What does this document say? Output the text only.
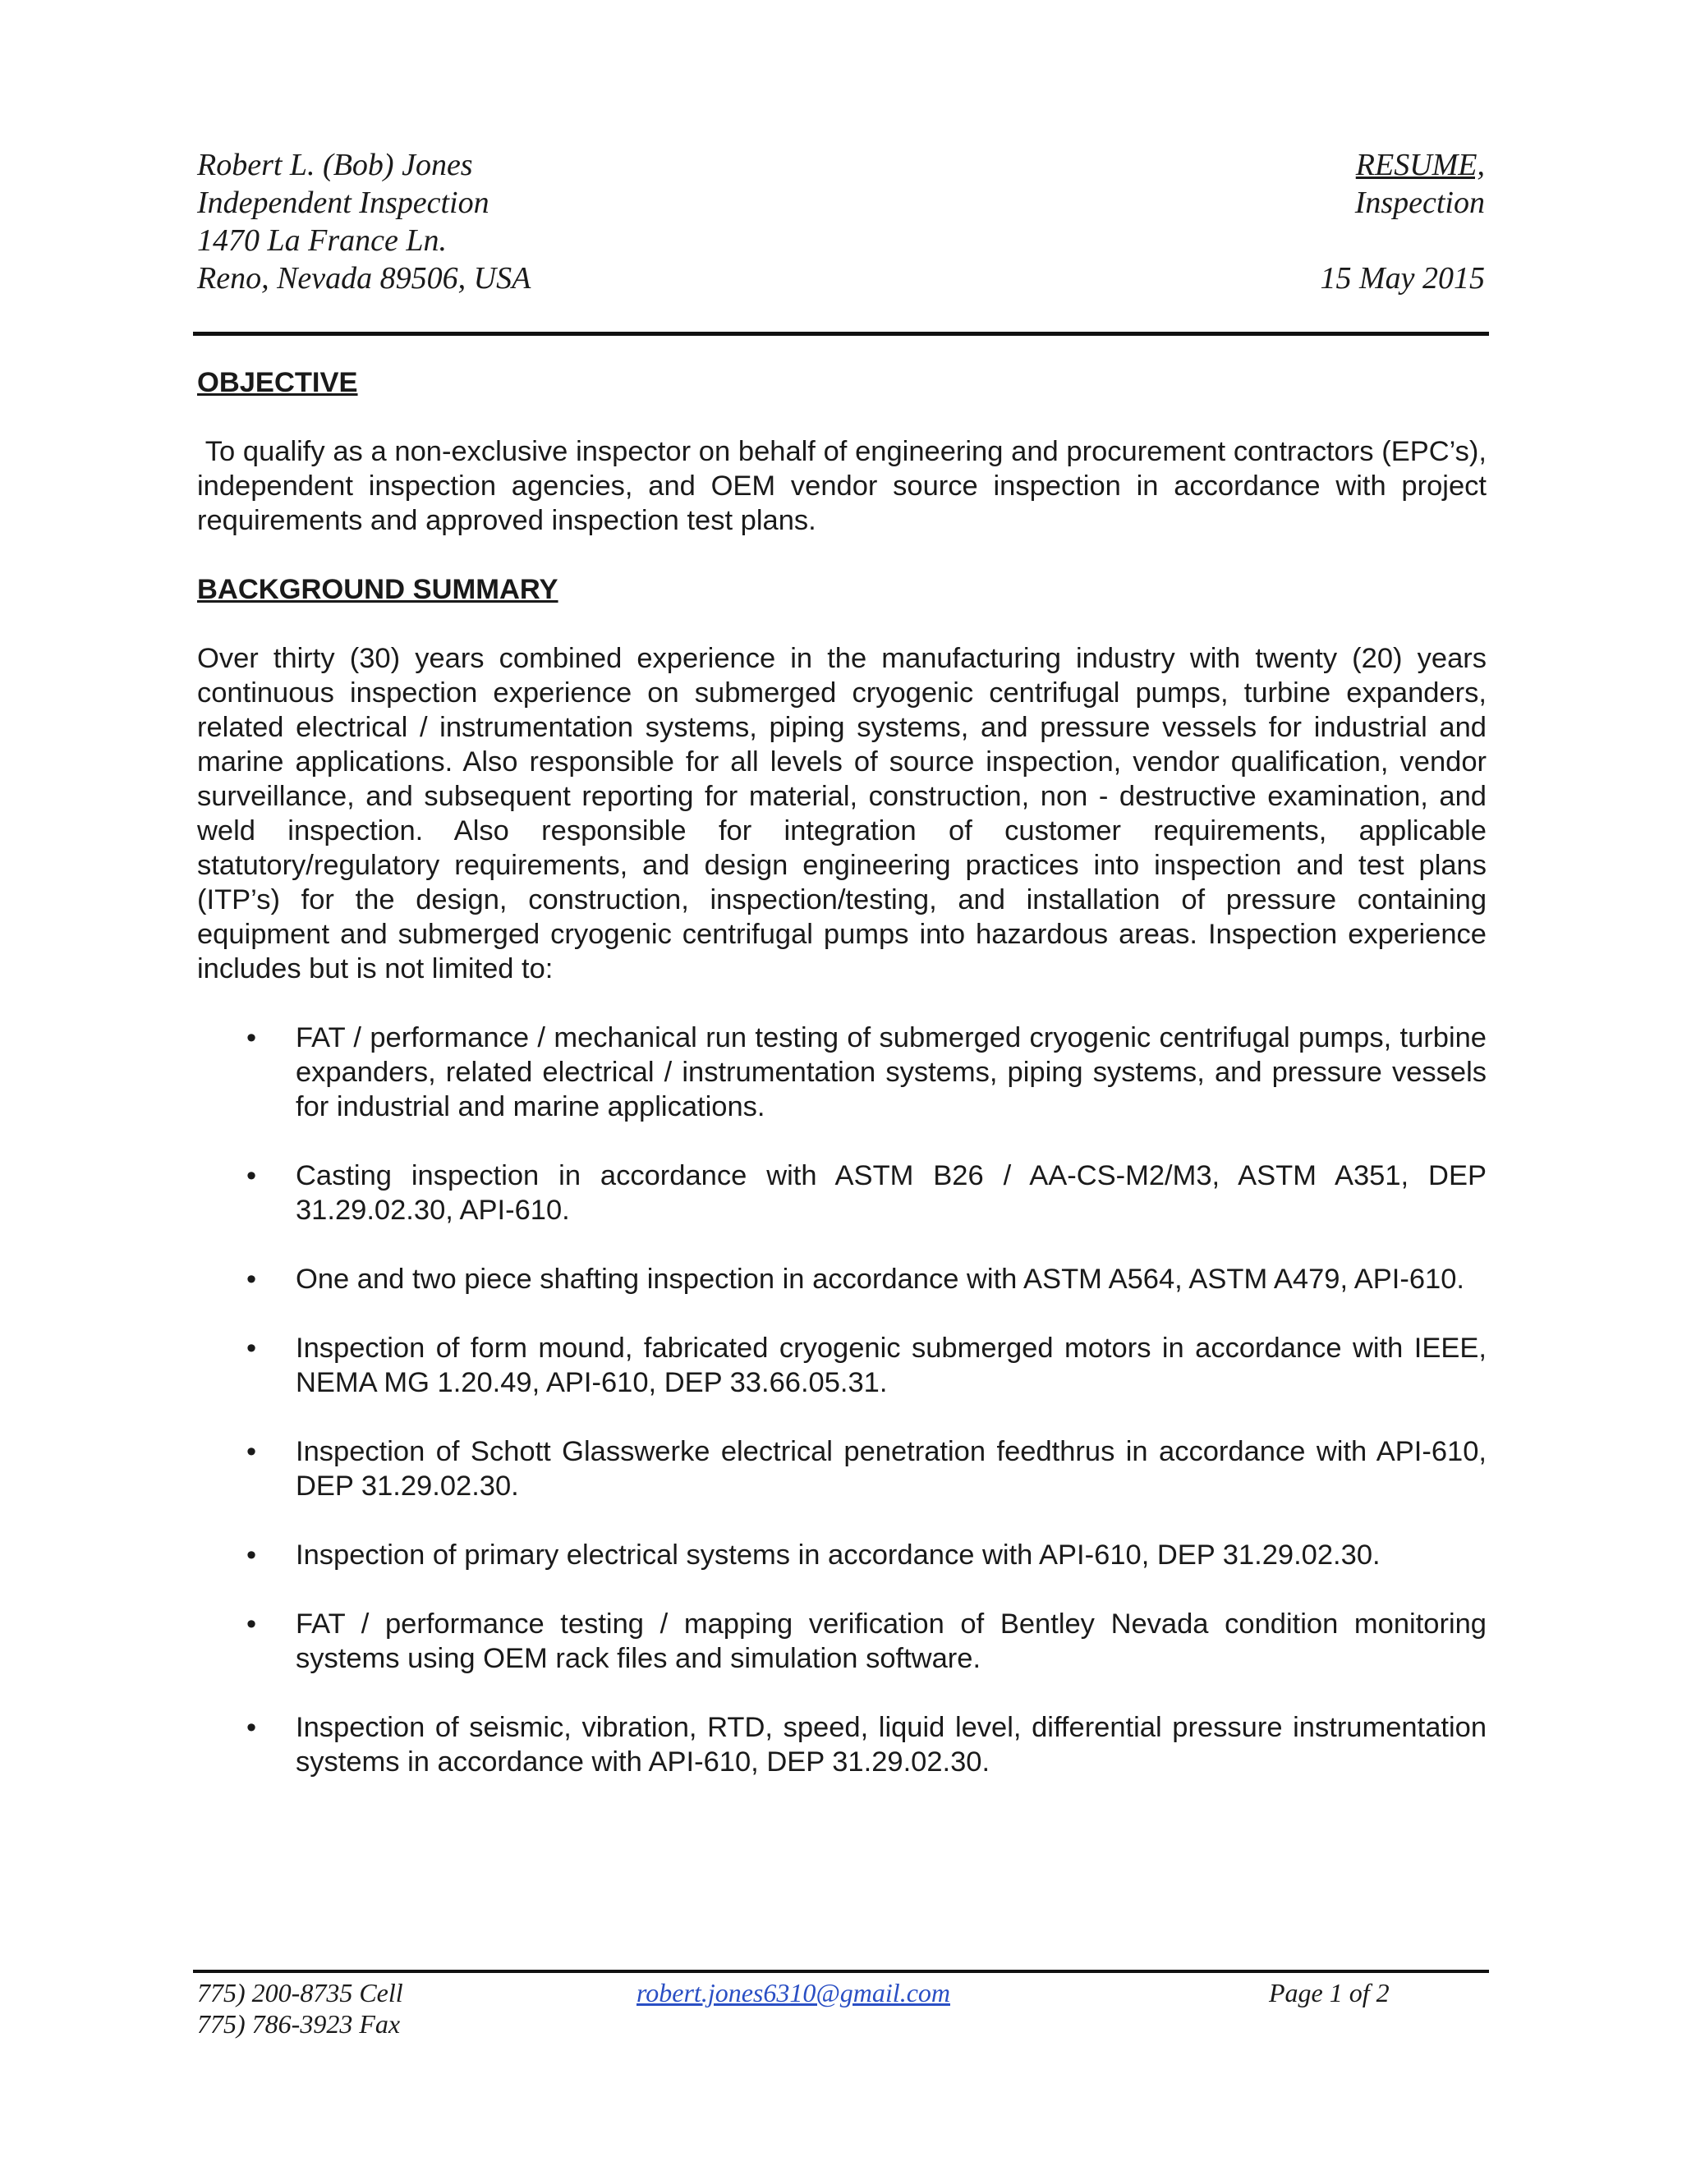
Robert L. (Bob) Jones
Independent Inspection
1470 La France Ln.
Reno, Nevada 89506, USA
RESUME,
Inspection
15 May 2015

OBJECTIVE

To qualify as a non-exclusive inspector on behalf of engineering and procurement contractors (EPC’s), independent inspection agencies, and OEM vendor source inspection in accordance with project requirements and approved inspection test plans.

BACKGROUND SUMMARY

Over thirty (30) years combined experience in the manufacturing industry with twenty (20) years continuous inspection experience on submerged cryogenic centrifugal pumps, turbine expanders, related electrical / instrumentation systems, piping systems, and pressure vessels for industrial and marine applications. Also responsible for all levels of source inspection, vendor qualification, vendor surveillance, and subsequent reporting for material, construction, non - destructive examination, and weld inspection. Also responsible for integration of customer requirements, applicable statutory/regulatory requirements, and design engineering practices into inspection and test plans (ITP’s) for the design, construction, inspection/testing, and installation of pressure containing equipment and submerged cryogenic centrifugal pumps into hazardous areas. Inspection experience includes but is not limited to:

•	FAT / performance / mechanical run testing of submerged cryogenic centrifugal pumps, turbine expanders, related electrical / instrumentation systems, piping systems, and pressure vessels for industrial and marine applications.
•	Casting inspection in accordance with ASTM B26 / AA-CS-M2/M3, ASTM A351, DEP 31.29.02.30, API-610.
•	One and two piece shafting inspection in accordance with ASTM A564, ASTM A479, API-610.
•	Inspection of form mound, fabricated cryogenic submerged motors in accordance with IEEE, NEMA MG 1.20.49, API-610, DEP 33.66.05.31.
•	Inspection of Schott Glasswerke electrical penetration feedthrus in accordance with API-610, DEP 31.29.02.30.
•	Inspection of primary electrical systems in accordance with API-610, DEP 31.29.02.30.
•	FAT / performance testing / mapping verification of Bentley Nevada condition monitoring systems using OEM rack files and simulation software.
•	Inspection of seismic, vibration, RTD, speed, liquid level, differential pressure instrumentation systems in accordance with API-610, DEP 31.29.02.30.
775) 200-8735 Cell
775) 786-3923 Fax
robert.jones6310@gmail.com	Page 1 of 2
